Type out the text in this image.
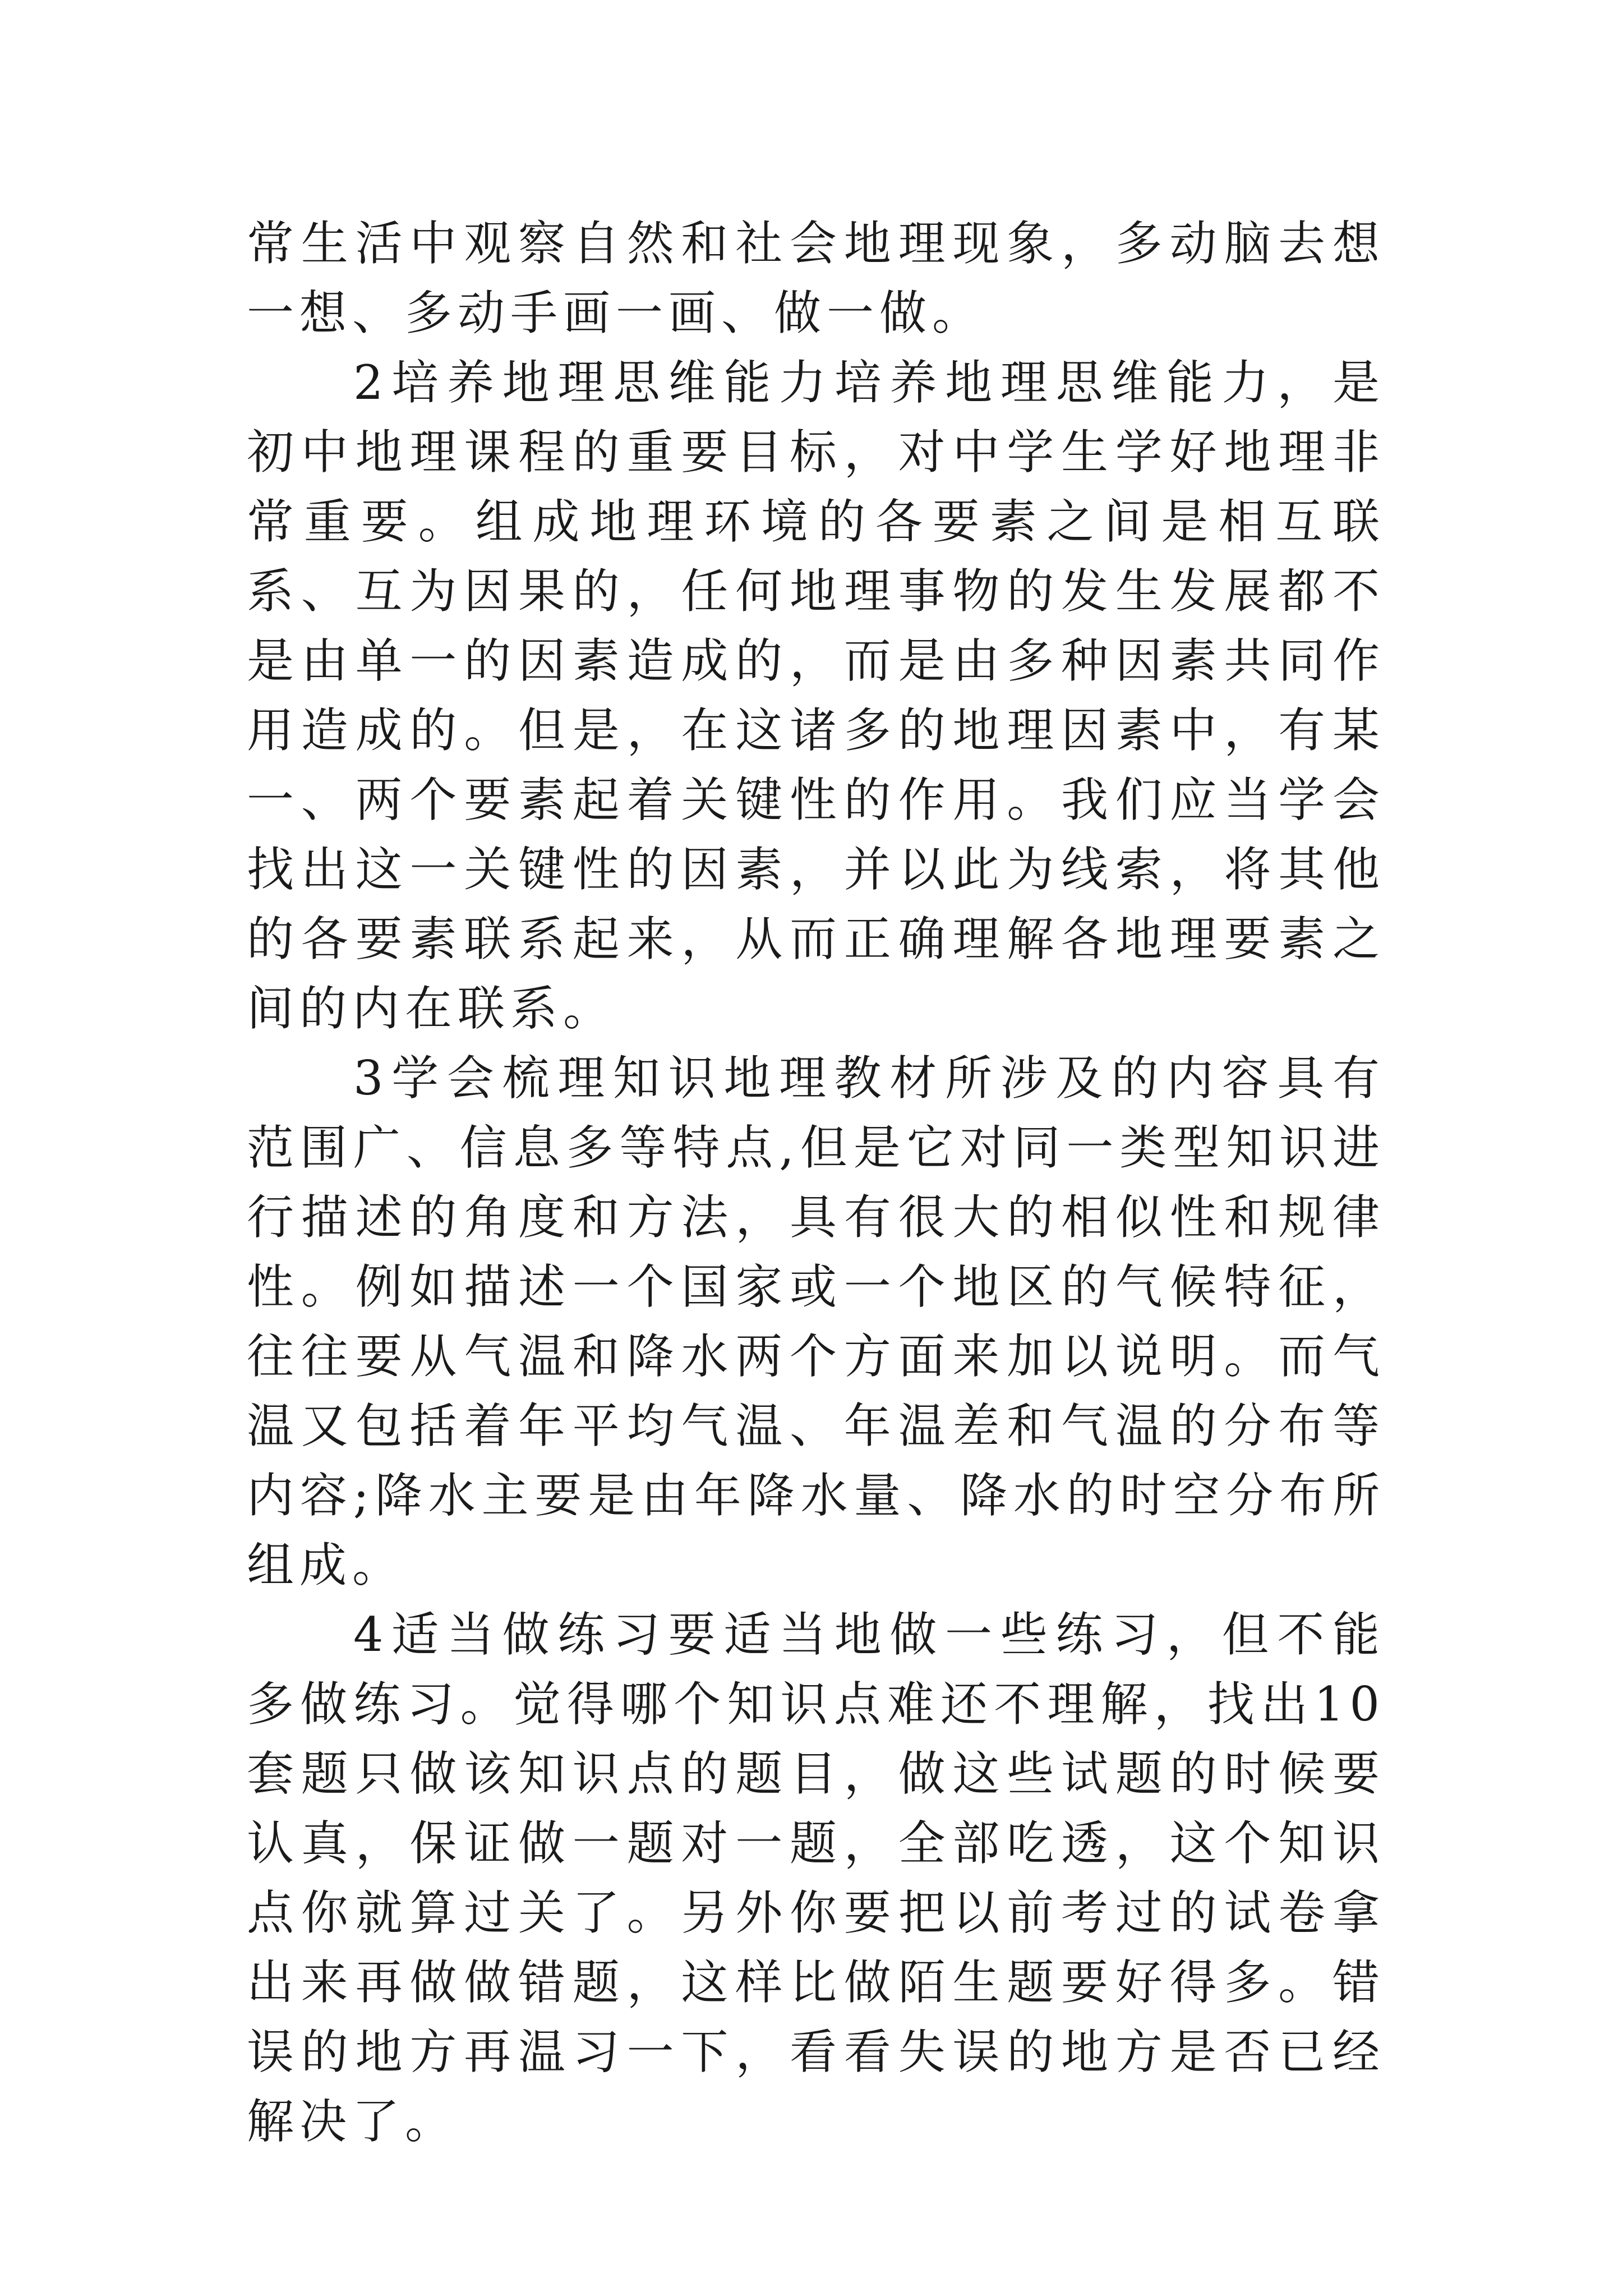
常生活中观察自然和社会地理现象，多动脑去想一想、多动手画一画、做一做。

2培养地理思维能力培养地理思维能力，是初中地理课程的重要目标，对中学生学好地理非常重要。组成地理环境的各要素之间是相互联系、互为因果的，任何地理事物的发生发展都不是由单一的因素造成的，而是由多种因素共同作用造成的。但是，在这诸多的地理因素中，有某一、两个要素起着关键性的作用。我们应当学会找出这一关键性的因素，并以此为线索，将其他的各要素联系起来，从而正确理解各地理要素之间的内在联系。

3学会梳理知识地理教材所涉及的内容具有范围广、信息多等特点,但是它对同一类型知识进行描述的角度和方法，具有很大的相似性和规律性。例如描述一个国家或一个地区的气候特征，往往要从气温和降水两个方面来加以说明。而气温又包括着年平均气温、年温差和气温的分布等内容;降水主要是由年降水量、降水的时空分布所组成。

4适当做练习要适当地做一些练习，但不能多做练习。觉得哪个知识点难还不理解，找出10套题只做该知识点的题目，做这些试题的时候要认真，保证做一题对一题，全部吃透，这个知识点你就算过关了。另外你要把以前考过的试卷拿出来再做做错题，这样比做陌生题要好得多。错误的地方再温习一下，看看失误的地方是否已经解决了。
